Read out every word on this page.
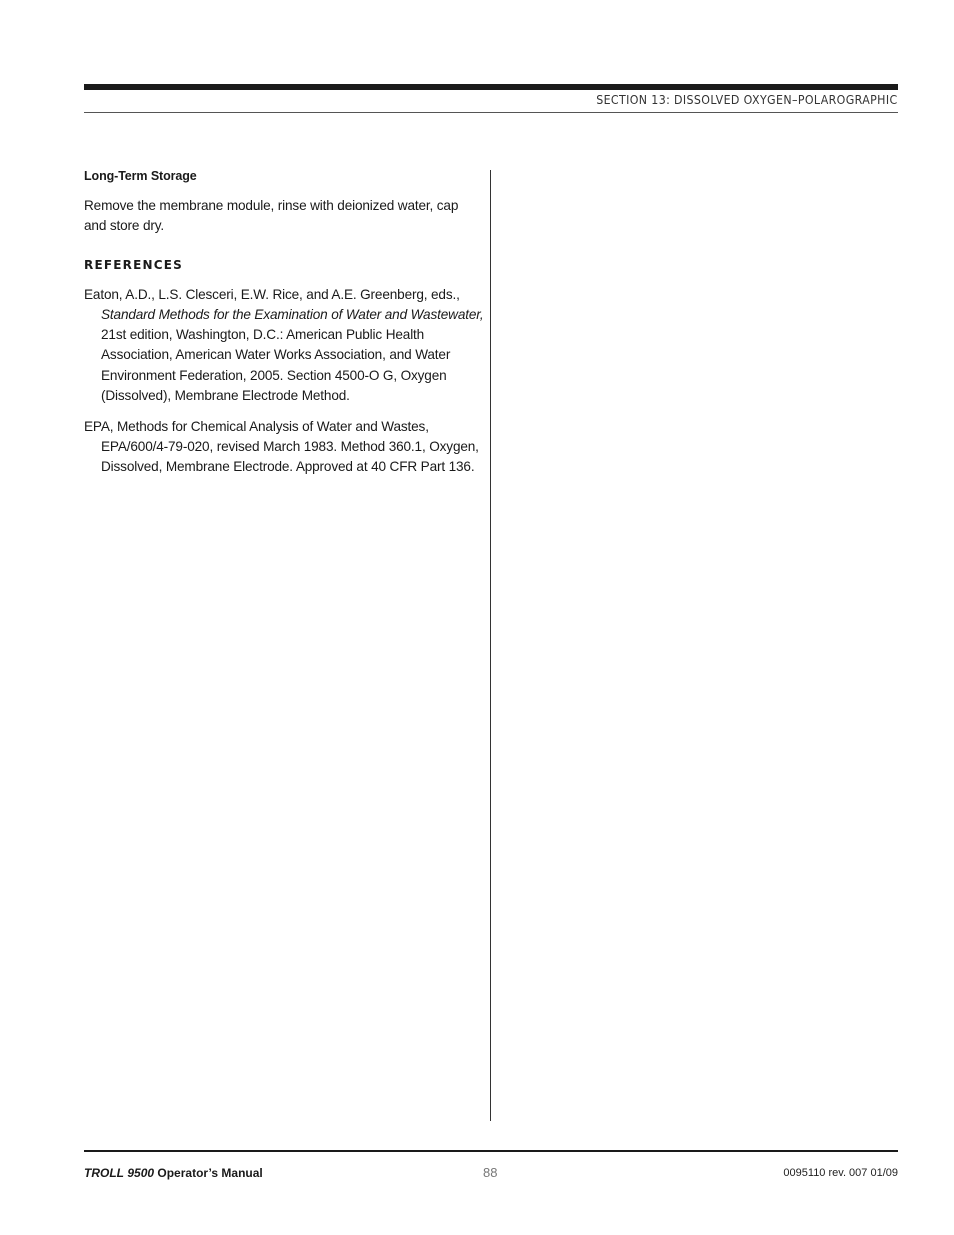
SECTION 13: DISSOLVED OXYGEN–POLAROGRAPHIC
Long-Term Storage

Remove the membrane module, rinse with deionized water, cap and store dry.

REFERENCES

Eaton, A.D., L.S. Clesceri, E.W. Rice, and A.E. Greenberg, eds., Standard Methods for the Examination of Water and Wastewater, 21st edition, Washington, D.C.: American Public Health Association, American Water Works Association, and Water Environment Federation, 2005. Section 4500-O G, Oxygen (Dissolved), Membrane Electrode Method.

EPA, Methods for Chemical Analysis of Water and Wastes, EPA/600/4-79-020, revised March 1983. Method 360.1, Oxygen, Dissolved, Membrane Electrode. Approved at 40 CFR Part 136.

TROLL 9500 Operator’s Manual	88	0095110 rev. 007 01/09
